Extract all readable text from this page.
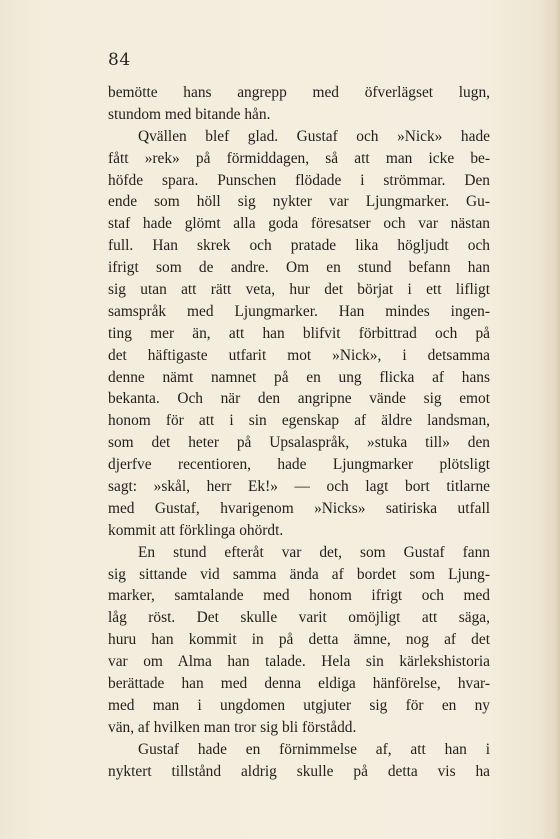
84
bemötte hans angrepp med öfverlägset lugn,
stundom med bitande hån.
Qvällen blef glad. Gustaf och »Nick» hade
fått »rek» på förmiddagen, så att man icke be-
höfde spara. Punschen flödade i strömmar. Den
ende som höll sig nykter var Ljungmarker. Gu-
staf hade glömt alla goda föresatser och var nästan
full. Han skrek och pratade lika högljudt och
ifrigt som de andre. Om en stund befann han
sig utan att rätt veta, hur det börjat i ett lifligt
samspråk med Ljungmarker. Han mindes ingen-
ting mer än, att han blifvit förbittrad och på
det häftigaste utfarit mot »Nick», i detsamma
denne nämt namnet på en ung flicka af hans
bekanta. Och när den angripne vände sig emot
honom för att i sin egenskap af äldre landsman,
som det heter på Upsalaspråk, »stuka till» den
djerfve recentioren, hade Ljungmarker plötsligt
sagt: »skål, herr Ek!» — och lagt bort titlarne
med Gustaf, hvarigenom »Nicks» satiriska utfall
kommit att förklinga ohördt.
En stund efteråt var det, som Gustaf fann
sig sittande vid samma ända af bordet som Ljung-
marker, samtalande med honom ifrigt och med
låg röst. Det skulle varit omöjligt att säga,
huru han kommit in på detta ämne, nog af det
var om Alma han talade. Hela sin kärlekshistoria
berättade han med denna eldiga hänförelse, hvar-
med man i ungdomen utgjuter sig för en ny
vän, af hvilken man tror sig bli förstådd.
Gustaf hade en förnimmelse af, att han i
nyktert tillstånd aldrig skulle på detta vis ha
